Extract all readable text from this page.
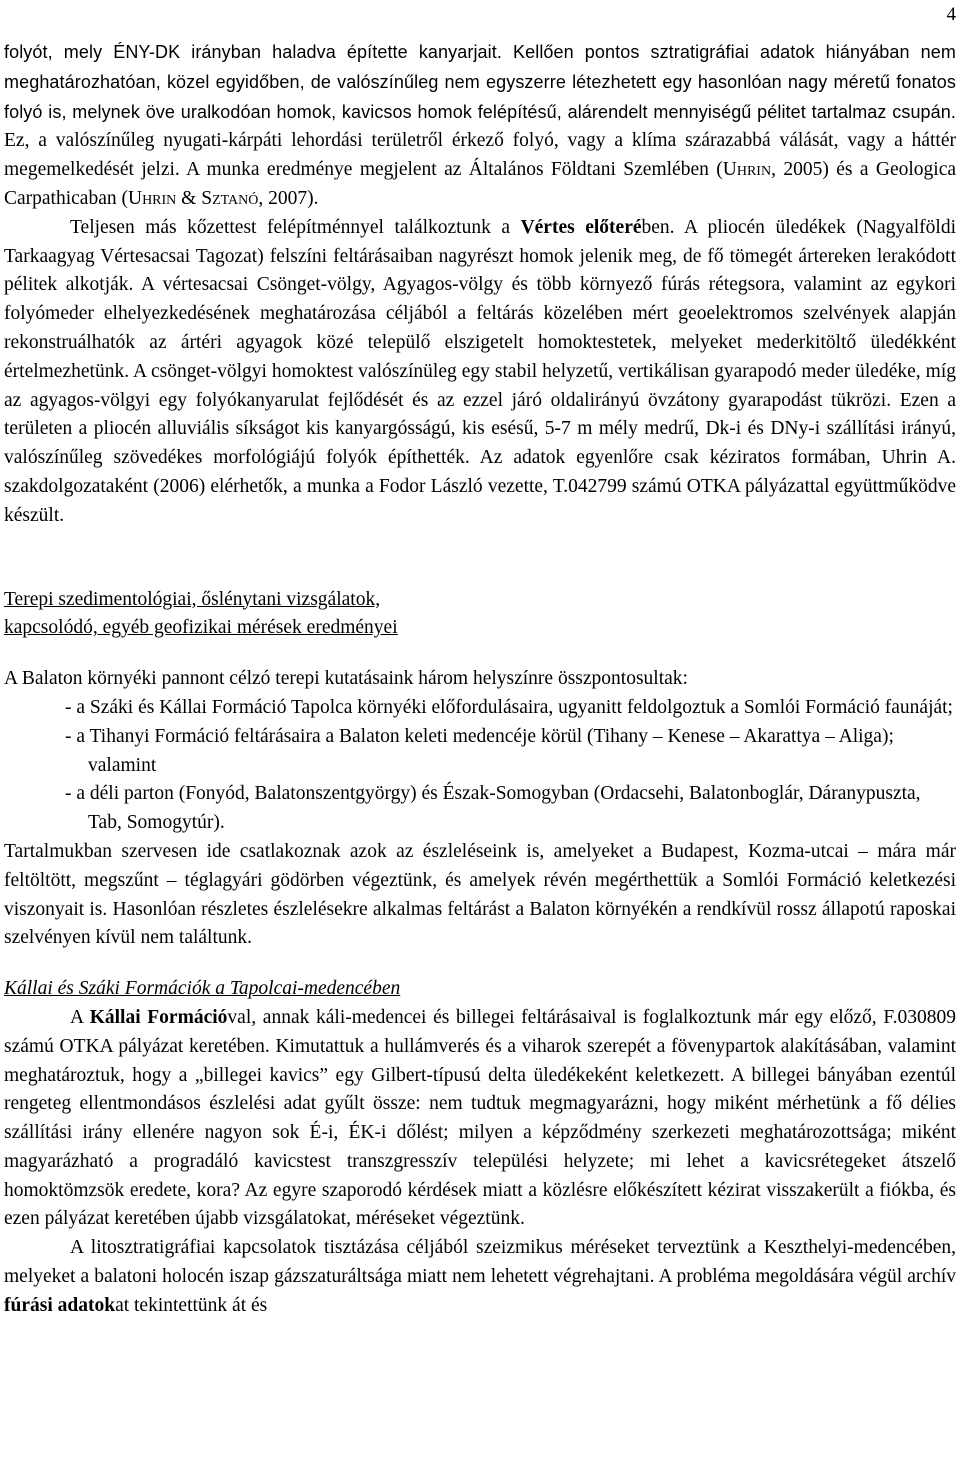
4

folyót, mely ÉNY-DK irányban haladva építette kanyarjait. Kellően pontos sztratigráfiai adatok hiányában nem meghatározhatóan, közel egyidőben, de valószínűleg nem egyszerre létezhetett egy hasonlóan nagy méretű fonatos folyó is, melynek öve uralkodóan homok, kavicsos homok felépítésű, alárendelt mennyiségű pélitet tartalmaz csupán. Ez, a valószínűleg nyugati-kárpáti lehordási területről érkező folyó, vagy a klíma szárazabbá válását, vagy a háttér megemelkedését jelzi. A munka eredménye megjelent az Általános Földtani Szemlében (Uhrin, 2005) és a Geologica Carpathicaban (Uhrin & Sztanó, 2007).

Teljesen más kőzettest felépítménnyel találkoztunk a Vértes előterében. A pliocén üledékek (Nagyalföldi Tarkaagyag Vértesacsai Tagozat) felszíni feltárásaiban nagyrészt homok jelenik meg, de fő tömegét ártereken lerakódott pélitek alkotják. A vértesacsai Csönget-völgy, Agyagos-völgy és több környező fúrás rétegsora, valamint az egykori folyómeder elhelyezkedésének meghatározása céljából a feltárás közelében mért geoelektromos szelvények alapján rekonstruálhatók az ártéri agyagok közé települő elszigetelt homoktestetek, melyeket mederkitöltő üledékként értelmezhetünk. A csönget-völgyi homoktest valószínüleg egy stabil helyzetű, vertikálisan gyarapodó meder üledéke, míg az agyagos-völgyi egy folyókanyarulat fejlődését és az ezzel járó oldalirányú övzátony gyarapodást tükrözi. Ezen a területen a pliocén alluviális síkságot kis kanyargósságú, kis esésű, 5-7 m mély medrű, Dk-i és DNy-i szállítási irányú, valószínűleg szövedékes morfológiájú folyók építhették. Az adatok egyenlőre csak kéziratos formában, Uhrin A. szakdolgozataként (2006) elérhetők, a munka a Fodor László vezette, T.042799 számú OTKA pályázattal együttműködve készült.

Terepi szedimentológiai, őslénytani vizsgálatok,
kapcsolódó, egyéb geofizikai mérések eredményei

A Balaton környéki pannont célzó terepi kutatásaink három helyszínre összpontosultak:

- a Száki és Kállai Formáció Tapolca környéki előfordulásaira, ugyanitt feldolgoztuk a Somlói Formáció faunáját;
- a Tihanyi Formáció feltárásaira a Balaton keleti medencéje körül (Tihany – Kenese – Akarattya – Aliga); valamint
- a déli parton (Fonyód, Balatonszentgyörgy) és Észak-Somogyban (Ordacsehi, Balatonboglár, Dáranypuszta, Tab, Somogytúr).

Tartalmukban szervesen ide csatlakoznak azok az észleléseink is, amelyeket a Budapest, Kozma-utcai – mára már feltöltött, megszűnt – téglagyári gödörben végeztünk, és amelyek révén megérthettük a Somlói Formáció keletkezési viszonyait is. Hasonlóan részletes észlelésekre alkalmas feltárást a Balaton környékén a rendkívül rossz állapotú raposkai szelvényen kívül nem találtunk.

Kállai és Száki Formációk a Tapolcai-medencében

A Kállai Formációval, annak káli-medencei és billegei feltárásaival is foglalkoztunk már egy előző, F.030809 számú OTKA pályázat keretében. Kimutattuk a hullámverés és a viharok szerepét a fövenypartok alakításában, valamint meghatároztuk, hogy a „billegei kavics” egy Gilbert-típusú delta üledékeként keletkezett. A billegei bányában ezentúl rengeteg ellentmondásos észlelési adat gyűlt össze: nem tudtuk megmagyarázni, hogy miként mérhetünk a fő délies szállítási irány ellenére nagyon sok É-i, ÉK-i dőlést; milyen a képződmény szerkezeti meghatározottsága; miként magyarázható a progradáló kavicstest transzgresszív települési helyzete; mi lehet a kavicsrétegeket átszelő homoktömzsök eredete, kora? Az egyre szaporodó kérdések miatt a közlésre előkészített kézirat visszakerült a fiókba, és ezen pályázat keretében újabb vizsgálatokat, méréseket végeztünk.

A litosztratigráfiai kapcsolatok tisztázása céljából szeizmikus méréseket terveztünk a Keszthelyi-medencében, melyeket a balatoni holocén iszap gázszaturáltsága miatt nem lehetett végrehajtani. A probléma megoldására végül archív fúrási adatokat tekintettünk át és
